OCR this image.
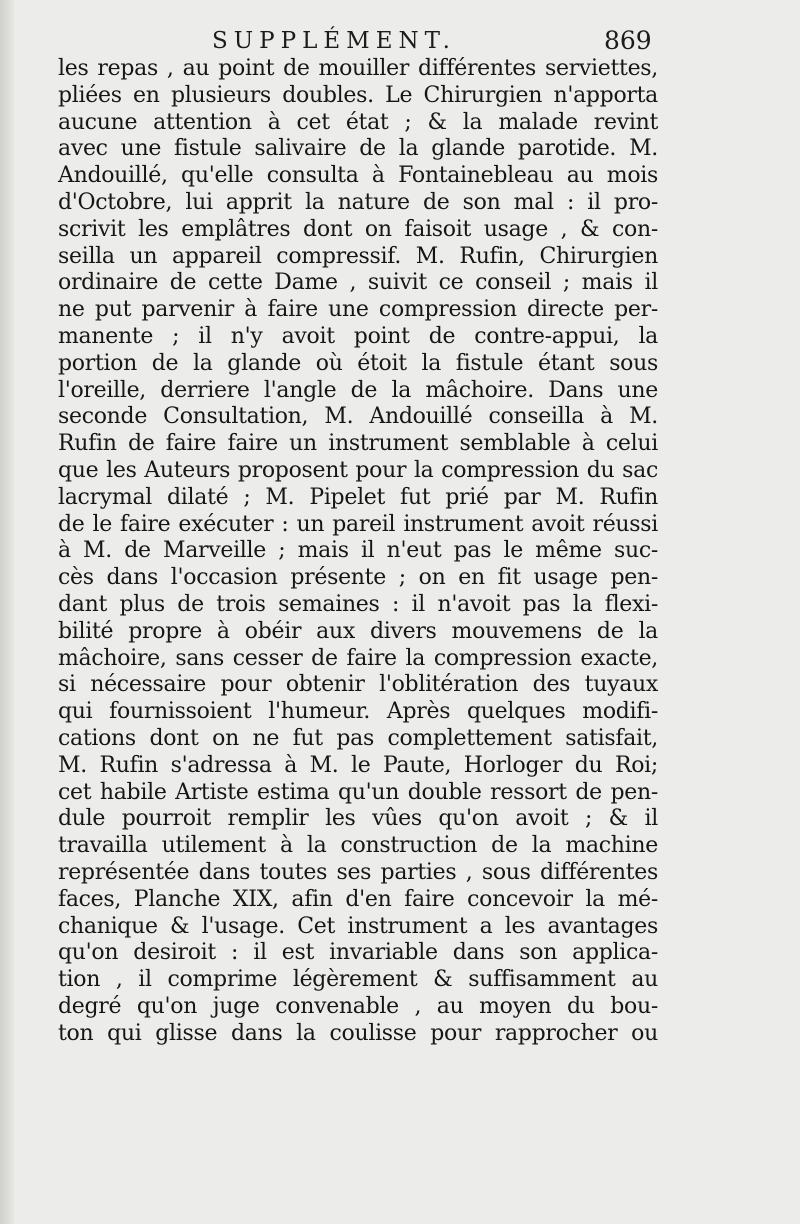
SUPPLÉMENT.	869
les repas , au point de mouiller différentes serviettes,
pliées en plusieurs doubles. Le Chirurgien n'apporta
aucune attention à cet état ; & la malade revint
avec une fistule salivaire de la glande parotide. M.
Andouillé, qu'elle consulta à Fontainebleau au mois
d'Octobre, lui apprit la nature de son mal : il pro-
scrivit les emplâtres dont on faisoit usage , & con-
seilla un appareil compressif. M. Rufin, Chirurgien
ordinaire de cette Dame , suivit ce conseil ; mais il
ne put parvenir à faire une compression directe per-
manente ; il n'y avoit point de contre-appui, la
portion de la glande où étoit la fistule étant sous
l'oreille, derriere l'angle de la mâchoire. Dans une
seconde Consultation, M. Andouillé conseilla à M.
Rufin de faire faire un instrument semblable à celui
que les Auteurs proposent pour la compression du sac
lacrymal dilaté ; M. Pipelet fut prié par M. Rufin
de le faire exécuter : un pareil instrument avoit réussi
à M. de Marveille ; mais il n'eut pas le même suc-
cès dans l'occasion présente ; on en fit usage pen-
dant plus de trois semaines : il n'avoit pas la flexi-
bilité propre à obéir aux divers mouvemens de la
mâchoire, sans cesser de faire la compression exacte,
si nécessaire pour obtenir l'oblitération des tuyaux
qui fournissoient l'humeur. Après quelques modifi-
cations dont on ne fut pas complettement satisfait,
M. Rufin s'adressa à M. le Paute, Horloger du Roi;
cet habile Artiste estima qu'un double ressort de pen-
dule pourroit remplir les vûes qu'on avoit ; & il
travailla utilement à la construction de la machine
représentée dans toutes ses parties , sous différentes
faces, Planche XIX, afin d'en faire concevoir la mé-
chanique & l'usage. Cet instrument a les avantages
qu'on desiroit : il est invariable dans son applica-
tion , il comprime légèrement & suffisamment au
degré qu'on juge convenable , au moyen du bou-
ton qui glisse dans la coulisse pour rapprocher ou
